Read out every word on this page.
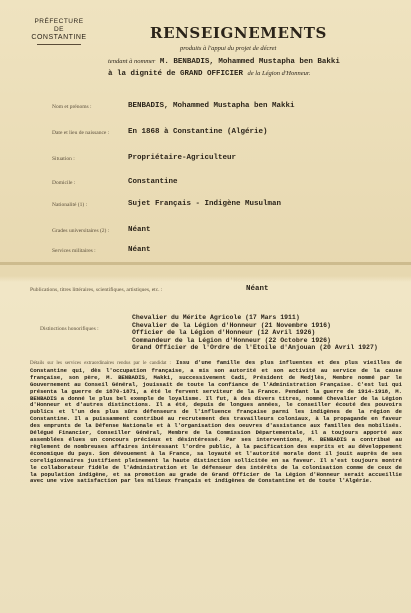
PRÉFECTURE
DE
CONSTANTINE	RENSEIGNEMENTS
produits à l'appui du projet de décret
tendant à nommer M. BENBADIS, Mohammed Mustapha ben Bakki
à la dignité de GRAND OFFICIER de la Légion d'Honneur.
Nom et prénoms :	BENBADIS, Mohammed Mustapha ben Makki
Date et lieu de naissance : En 1868 à Constantine (Algérie)
Situation :	Propriétaire-Agriculteur
Domicile :	Constantine
Nationalité (1) :	Sujet Français - Indigène Musulman
Grades universitaires (2) : Néant
Services militaires :	Néant
Publications, titres littéraires, scientifiques, artistiques, etc. :	Néant
Distinctions honorifiques :
Chevalier du Mérite Agricole (17 Mars 1911)
Chevalier de la Légion d'Honneur (21 Novembre 1916)
Officier de la Légion d'Honneur (12 Avril 1926)
Commandeur de la Légion d'Honneur (22 Octobre 1926)
Grand Officier de l'Ordre de l'Etoile d'Anjouan (20 Avril 1927)
Détails sur les services extraordinaires rendus par le candidat : Issu d'une famille des plus influentes et des plus vieilles de Constantine qui, dès l'occupation française, a mis son autorité et son activité au service de la cause française, son père, M. BENBADIS, Makki, successivement Cadi, Président de Medjlès, Membre nommé par le Gouvernement au Conseil Général, jouissait de toute la confiance de l'Administration Française. C'est lui qui présenta la guerre de 1870-1871, a été le fervent serviteur de la France. Pendant la guerre de 1914-1918, M. BENBADIS a donné le plus bel exemple de loyalisme. Il fut, à des divers titres, nommé Chevalier de la Légion d'Honneur et d'autres distinctions. Il a été, depuis de longues années, le conseiller écouté des pouvoirs publics et l'un des plus sûrs défenseurs de l'influence française parmi les indigènes de la région de Constantine. Il a puissamment contribué au recrutement des travailleurs coloniaux, à la propagande en faveur des emprunts de la Défense Nationale et à l'organisation des oeuvres d'assistance aux familles des mobilisés. Délégué Financier, Conseiller Général, Membre de la Commission Départementale, il a toujours apporté aux assemblées élues un concours précieux et désintéressé. Par ses interventions, M. BENBADIS a contribué au règlement de nombreuses affaires intéressant l'ordre public, à la pacification des esprits et au développement économique du pays. Son dévouement à la France, sa loyauté et l'autorité morale dont il jouit auprès de ses coreligionnaires justifient pleinement la haute distinction sollicitée en sa faveur. Il s'est toujours montré le collaborateur fidèle de l'Administration et le défenseur des intérêts de la colonisation comme de ceux de la population indigène, et sa promotion au grade de Grand Officier de la Légion d'Honneur serait accueillie avec une vive satisfaction par les milieux français et indigènes de Constantine et de toute l'Algérie.
